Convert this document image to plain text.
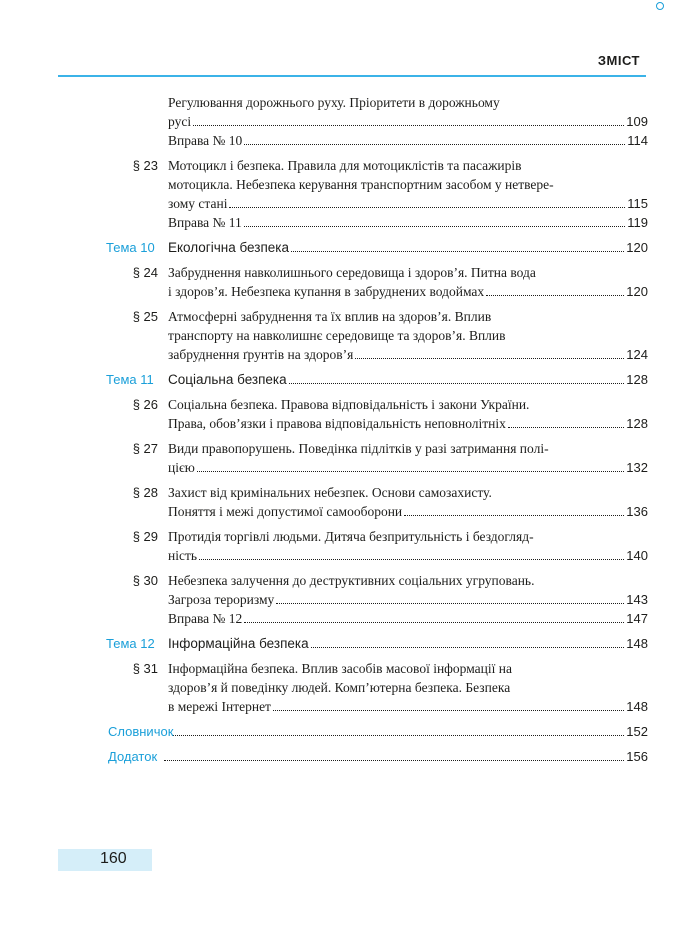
ЗМІСТ
Регулювання дорожнього руху. Пріоритети в дорожньому
русі	109
Вправа № 10	114
§ 23 Мотоцикл і безпека. Правила для мотоциклістів та пасажирів
мотоцикла. Небезпека керування транспортним засобом у нетвере-
зому стані	115
Вправа № 11	119
Тема 10 Екологічна безпека	120
§ 24 Забруднення навколишнього середовища і здоров’я. Питна вода
і здоров’я. Небезпека купання в забруднених водоймах	120
§ 25 Атмосферні забруднення та їх вплив на здоров’я. Вплив
транспорту на навколишнє середовище та здоров’я. Вплив
забруднення ґрунтів на здоров’я	124
Тема 11	Соціальна безпека	128
§ 26 Соціальна безпека. Правова відповідальність і закони України.
Права, обов’язки і правова відповідальність неповнолітніх	128
§ 27 Види правопорушень. Поведінка підлітків у разі затримання полі-
цією	132
§ 28 Захист від кримінальних небезпек. Основи самозахисту.
Поняття і межі допустимої самооборони	136
§ 29 Протидія торгівлі людьми. Дитяча безпритульність і бездогляд-
ність	140
§ 30 Небезпека залучення до деструктивних соціальних угруповань.
Загроза тероризму	143
Вправа № 12	147
Тема 12 Інформаційна безпека	148
§ 31 Інформаційна безпека. Вплив засобів масової інформації на
здоров’я й поведінку людей. Комп’ютерна безпека. Безпека
в мережі Інтернет	148
Словничок	152
Додаток	156
160
